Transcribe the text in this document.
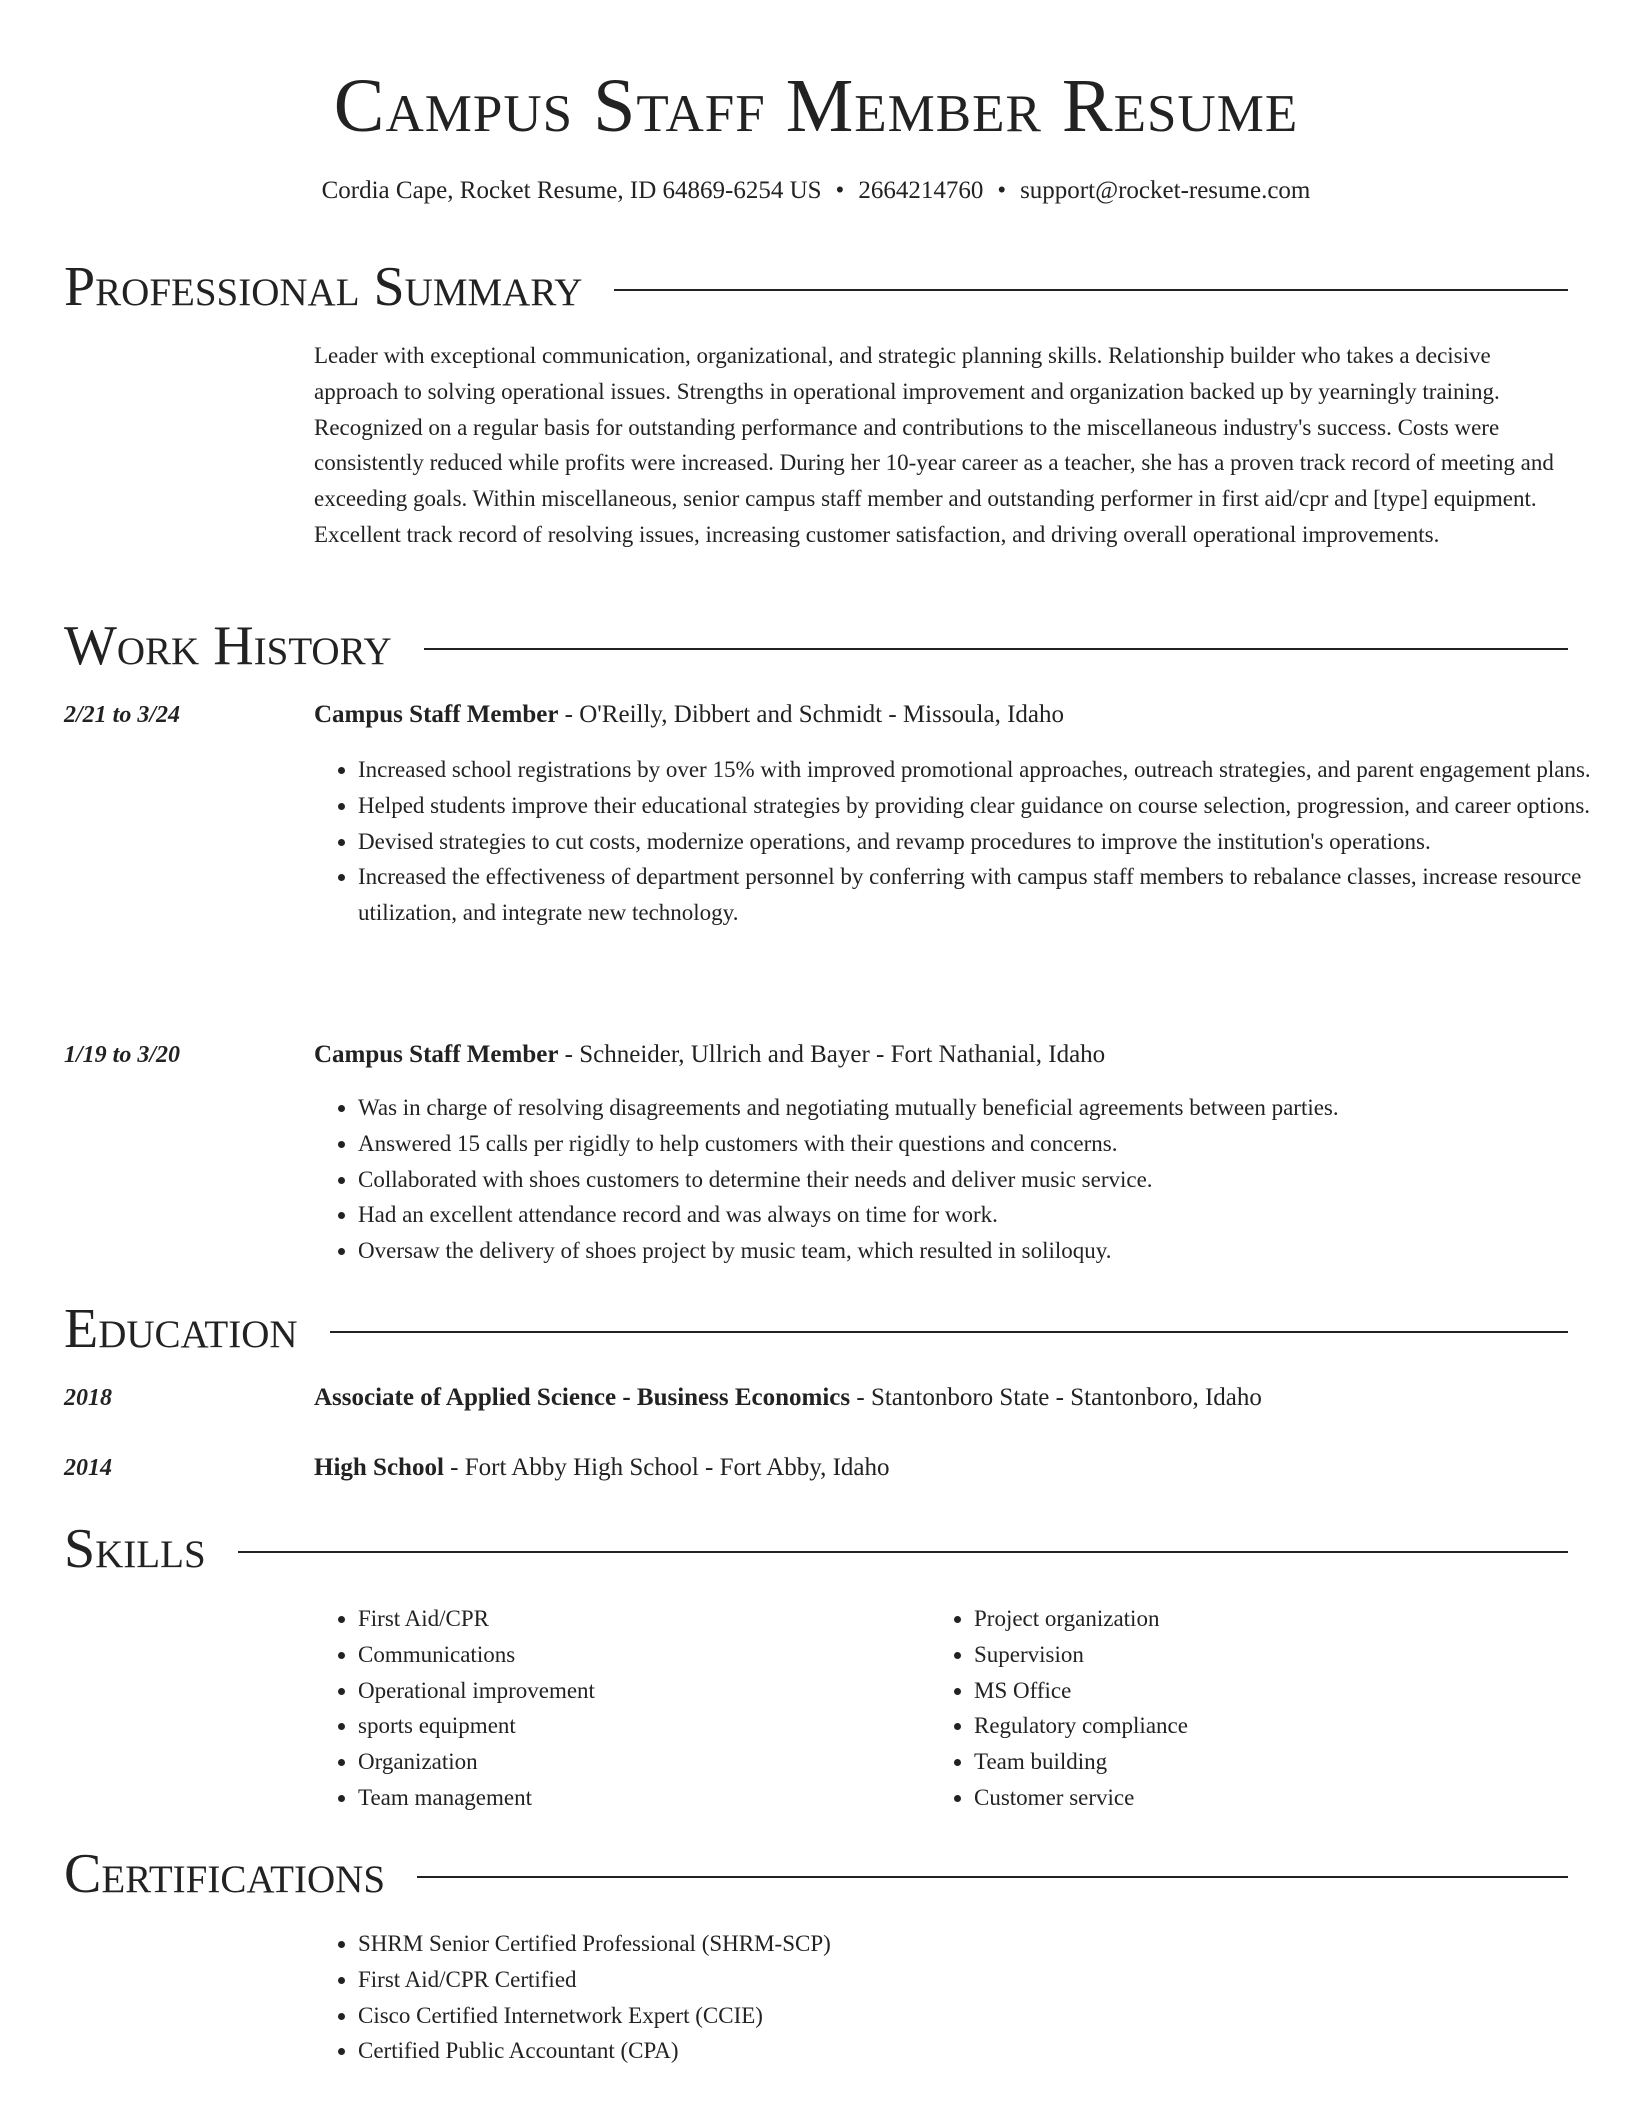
Campus Staff Member Resume
Cordia Cape, Rocket Resume, ID 64869-6254 US • 2664214760 • support@rocket-resume.com
Professional Summary

Leader with exceptional communication, organizational, and strategic planning skills. Relationship builder who takes a decisive approach to solving operational issues. Strengths in operational improvement and organization backed up by yearningly training. Recognized on a regular basis for outstanding performance and contributions to the miscellaneous industry's success. Costs were consistently reduced while profits were increased. During her 10-year career as a teacher, she has a proven track record of meeting and exceeding goals. Within miscellaneous, senior campus staff member and outstanding performer in first aid/cpr and [type] equipment. Excellent track record of resolving issues, increasing customer satisfaction, and driving overall operational improvements.

Work History
2/21 to 3/24	Campus Staff Member - O'Reilly, Dibbert and Schmidt - Missoula, Idaho
• Increased school registrations by over 15% with improved promotional approaches, outreach strategies, and parent engagement plans.
• Helped students improve their educational strategies by providing clear guidance on course selection, progression, and career options.
• Devised strategies to cut costs, modernize operations, and revamp procedures to improve the institution's operations.
• Increased the effectiveness of department personnel by conferring with campus staff members to rebalance classes, increase resource utilization, and integrate new technology.
1/19 to 3/20	Campus Staff Member - Schneider, Ullrich and Bayer - Fort Nathanial, Idaho
• Was in charge of resolving disagreements and negotiating mutually beneficial agreements between parties.
• Answered 15 calls per rigidly to help customers with their questions and concerns.
• Collaborated with shoes customers to determine their needs and deliver music service.
• Had an excellent attendance record and was always on time for work.
• Oversaw the delivery of shoes project by music team, which resulted in soliloquy.
Education
2018	Associate of Applied Science - Business Economics - Stantonboro State - Stantonboro, Idaho
2014	High School - Fort Abby High School - Fort Abby, Idaho
Skills
• First Aid/CPR
• Communications
• Operational improvement
• sports equipment
• Organization
• Team management
• Project organization
• Supervision
• MS Office
• Regulatory compliance
• Team building
• Customer service
Certifications
• SHRM Senior Certified Professional (SHRM-SCP)
• First Aid/CPR Certified
• Cisco Certified Internetwork Expert (CCIE)
• Certified Public Accountant (CPA)
